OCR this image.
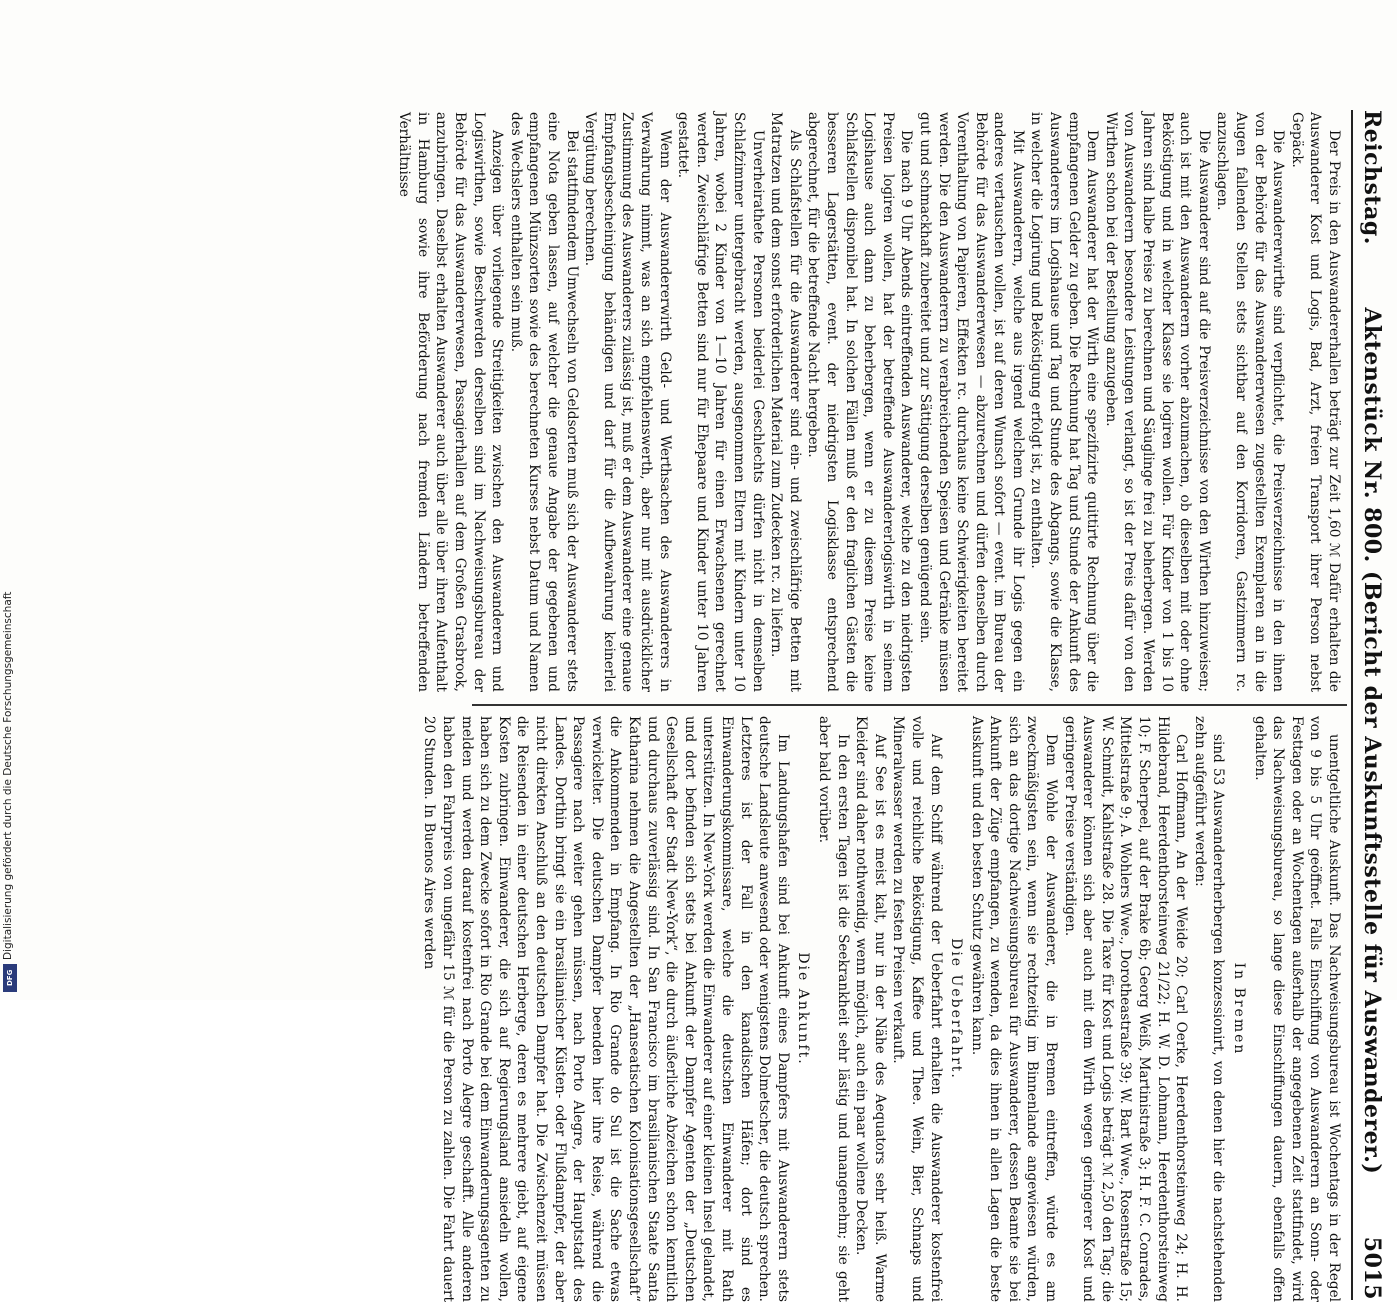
Reichstag.
Aktenstück Nr. 800. (Bericht der Auskunftsstelle für Auswanderer.)
5015

Der Preis in den Auswandererhallen beträgt zur Zeit 1,60 ℳ Dafür erhalten die Auswanderer Kost und Logis, Bad, Arzt, freien Transport ihrer Person nebst Gepäck.

Die Auswandererwirthe sind verpflichtet, die Preisverzeichnisse in den ihnen von der Behörde für das Auswandererwesen zugestellten Exemplaren an in die Augen fallenden Stellen stets sichtbar auf den Korridoren, Gastzimmern rc. anzuschlagen.

Die Auswanderer sind auf die Preisverzeichnisse von den Wirthen hinzuweisen; auch ist mit den Auswanderern vorher abzumachen, ob dieselben mit oder ohne Beköstigung und in welcher Klasse sie logiren wollen. Für Kinder von 1 bis 10 Jahren sind halbe Preise zu berechnen und Säuglinge frei zu beherbergen. Werden von Auswanderern besondere Leistungen verlangt, so ist der Preis dafür von den Wirthen schon bei der Bestellung anzugeben.

Dem Auswanderer hat der Wirth eine spezifizirte quittirte Rechnung über die empfangenen Gelder zu geben. Die Rechnung hat Tag und Stunde der Ankunft des Auswanderers im Logishause und Tag und Stunde des Abgangs, sowie die Klasse, in welcher die Logirung und Beköstigung erfolgt ist, zu enthalten.

Mit Auswanderern, welche aus irgend welchem Grunde ihr Logis gegen ein anderes vertauschen wollen, ist auf deren Wunsch sofort — event. im Bureau der Behörde für das Auswandererwesen — abzurechnen und dürfen denselben durch Vorenthaltung von Papieren, Effekten rc. durchaus keine Schwierigkeiten bereitet werden. Die den Auswanderern zu verabreichenden Speisen und Getränke müssen gut und schmackhaft zubereitet und zur Sättigung derselben genügend sein.

Die nach 9 Uhr Abends eintreffenden Auswanderer, welche zu den niedrigsten Preisen logiren wollen, hat der betreffende Auswandererlogiswirth in seinem Logishause auch dann zu beherbergen, wenn er zu diesem Preise keine Schlafstellen disponibel hat. In solchen Fällen muß er den fraglichen Gästen die besseren Lagerstätten, event. der niedrigsten Logisklasse entsprechend abgerechnet, für die betreffende Nacht hergeben.

Als Schlafstellen für die Auswanderer sind ein- und zweischläfrige Betten mit Matratzen und dem sonst erforderlichen Material zum Zudecken rc. zu liefern.

Unverheirathete Personen beiderlei Geschlechts dürfen nicht in demselben Schlafzimmer untergebracht werden, ausgenommen Eltern mit Kindern unter 10 Jahren, wobei 2 Kinder von 1—10 Jahren für einen Erwachsenen gerechnet werden. Zweischläfrige Betten sind nur für Ehepaare und Kinder unter 10 Jahren gestattet.

Wenn der Auswandererwirth Geld- und Werthsachen des Auswanderers in Verwahrung nimmt, was an sich empfehlenswerth, aber nur mit ausdrücklicher Zustimmung des Auswanderers zulässig ist, muß er dem Auswanderer eine genaue Empfangsbescheinigung behändigen und darf für die Aufbewahrung keinerlei Vergütung berechnen.

Bei stattfindendem Umwechseln von Geldsorten muß sich der Auswanderer stets eine Nota geben lassen, auf welcher die genaue Angabe der gegebenen und empfangenen Münzsorten sowie des berechneten Kurses nebst Datum und Namen des Wechslers enthalten sein muß.

Anzeigen über vorliegende Streitigkeiten zwischen den Auswanderern und Logiswirthen, sowie Beschwerden derselben sind im Nachweisungsbureau der Behörde für das Auswandererwesen, Passagierhallen auf dem Großen Grasbrook, anzubringen. Daselbst erhalten Auswanderer auch über alle über ihren Aufenthalt in Hamburg sowie ihre Beförderung nach fremden Ländern betreffenden Verhältnisse

unentgeltliche Auskunft. Das Nachweisungsbureau ist Wochentags in der Regel von 9 bis 5 Uhr geöffnet. Falls Einschiffung von Auswanderern an Sonn- oder Festtagen oder an Wochentagen außerhalb der angegebenen Zeit stattfindet, wird das Nachweisungsbureau, so lange diese Einschiffungen dauern, ebenfalls offen gehalten.

In Bremen

sind 53 Auswandererherbergen konzessionirt, von denen hier die nachstehenden zehn aufgeführt werden:

Carl Hoffmann, An der Weide 20; Carl Oerke, Heerdenthorsteinweg 24; H. H. Hildebrand, Heerdenthorsteinweg 21/22; H. W. D. Lohmann, Heerdenthorsteinweg 10; F. Scherpeel, auf der Brake 6b; Georg Weiß, Martinistraße 3; H. F. C. Conrades, Mittelstraße 9; A. Wohlers Wwe., Dorotheastraße 39; W. Bart Wwe., Rosenstraße 15; W. Schmidt, Kahlstraße 28. Die Taxe für Kost und Logis beträgt ℳ 2,50 den Tag; die Auswanderer können sich aber auch mit dem Wirth wegen geringerer Kost und geringerer Preise verständigen.

Dem Wohle der Auswanderer, die in Bremen eintreffen, würde es am zweckmäßigsten sein, wenn sie rechtzeitig im Binnenlande angewiesen würden, sich an das dortige Nachweisungsbureau für Auswanderer, dessen Beamte sie bei Ankunft der Züge empfangen, zu wenden, da dies ihnen in allen Lagen die beste Auskunft und den besten Schutz gewähren kann.

Die Ueberfahrt.

Auf dem Schiff während der Ueberfahrt erhalten die Auswanderer kostenfrei volle und reichliche Beköstigung, Kaffee und Thee. Wein, Bier, Schnaps und Mineralwasser werden zu festen Preisen verkauft.

Auf See ist es meist kalt, nur in der Nähe des Aequators sehr heiß. Warme Kleider sind daher nothwendig, wenn möglich, auch ein paar wollene Decken.

In den ersten Tagen ist die Seekrankheit sehr lästig und unangenehm; sie geht aber bald vorüber.

Die Ankunft.

Im Landungshafen sind bei Ankunft eines Dampfers mit Auswanderern stets deutsche Landsleute anwesend oder wenigstens Dolmetscher, die deutsch sprechen. Letzteres ist der Fall in den kanadischen Häfen; dort sind es Einwanderungskommissare, welche die deutschen Einwanderer mit Rath unterstützen. In New-York werden die Einwanderer auf einer kleinen Insel gelandet, und dort befinden sich stets bei Ankunft der Dampfer Agenten der „Deutschen Gesellschaft der Stadt New-York“, die durch äußerliche Abzeichen schon kenntlich und durchaus zuverlässig sind. In San Francisco im brasilianischen Staate Santa Katharina nehmen die Angestellten der „Hanseatischen Kolonisationsgesellschaft“ die Ankommenden in Empfang. In Rio Grande do Sul ist die Sache etwas verwickelter. Die deutschen Dampfer beenden hier ihre Reise, während die Passagiere nach weiter gehen müssen, nach Porto Alegre, der Hauptstadt des Landes. Dorthin bringt sie ein brasilianischer Küsten- oder Flußdampfer, der aber nicht direkten Anschluß an den deutschen Dampfer hat. Die Zwischenzeit müssen die Reisenden in einer deutschen Herberge, deren es mehrere giebt, auf eigene Kosten zubringen. Einwanderer, die sich auf Regierungsland ansiedeln wollen, haben sich zu dem Zwecke sofort in Rio Grande bei dem Einwanderungsagenten zu melden und werden darauf kostenfrei nach Porto Alegre geschafft. Alle anderen haben den Fahrpreis von ungefähr 15 ℳ für die Person zu zahlen. Die Fahrt dauert 20 Stunden. In Buenos Aires werden

Digitalisierung gefördert durch die Deutsche Forschungsgemeinschaft
DFG
